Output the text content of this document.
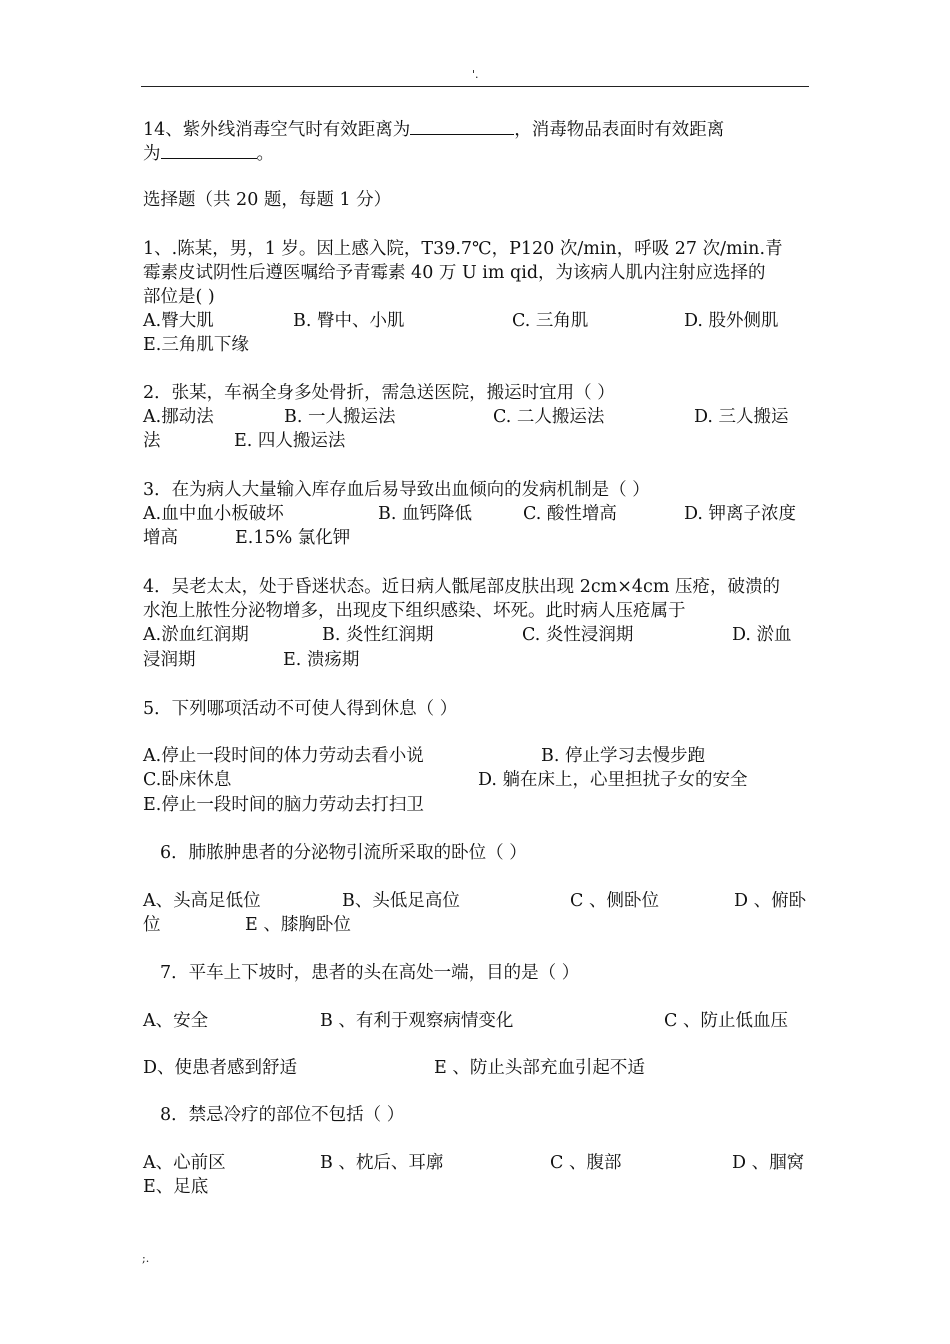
'.
14、紫外线消毒空气时有效距离为	，消毒物品表面时有效距离
为	。
选择题（共 20 题，每题 1 分）
1、.陈某，男，1 岁。因上感入院，T39.7℃，P120 次/min，呼吸 27 次/min.青
霉素皮试阴性后遵医嘱给予青霉素 40 万 U im qid，为该病人肌内注射应选择的
部位是( )
A.臀大肌	B. 臀中、小肌	C. 三角肌	D. 股外侧肌
E.三角肌下缘
2．张某，车祸全身多处骨折，需急送医院，搬运时宜用（ ）
A.挪动法	B. 一人搬运法	C. 二人搬运法	D. 三人搬运
法	E. 四人搬运法
3．在为病人大量输入库存血后易导致出血倾向的发病机制是（ ）
A.血中血小板破坏	B. 血钙降低	C. 酸性增高	D. 钾离子浓度
增高	E.15% 氯化钾
4．吴老太太，处于昏迷状态。近日病人骶尾部皮肤出现 2cm×4cm 压疮，破溃的
水泡上脓性分泌物增多，出现皮下组织感染、坏死。此时病人压疮属于
A.淤血红润期	B. 炎性红润期	C. 炎性浸润期	D. 淤血
浸润期	E. 溃疡期
5．下列哪项活动不可使人得到休息（ ）
A.停止一段时间的体力劳动去看小说	B. 停止学习去慢步跑
C.卧床休息	D. 躺在床上，心里担扰子女的安全
E.停止一段时间的脑力劳动去打扫卫
6．肺脓肿患者的分泌物引流所采取的卧位（ ）
A、头高足低位	B、头低足高位	C 、侧卧位	D 、俯卧
位	E 、膝胸卧位
7．平车上下坡时，患者的头在高处一端，目的是（ ）
A、安全	B 、有利于观察病情变化	C 、防止低血压
D、使患者感到舒适	E 、防止头部充血引起不适
8．禁忌冷疗的部位不包括（ ）
A、心前区	B 、枕后、耳廓	C 、腹部	D 、腘窝
E、足底
;.
